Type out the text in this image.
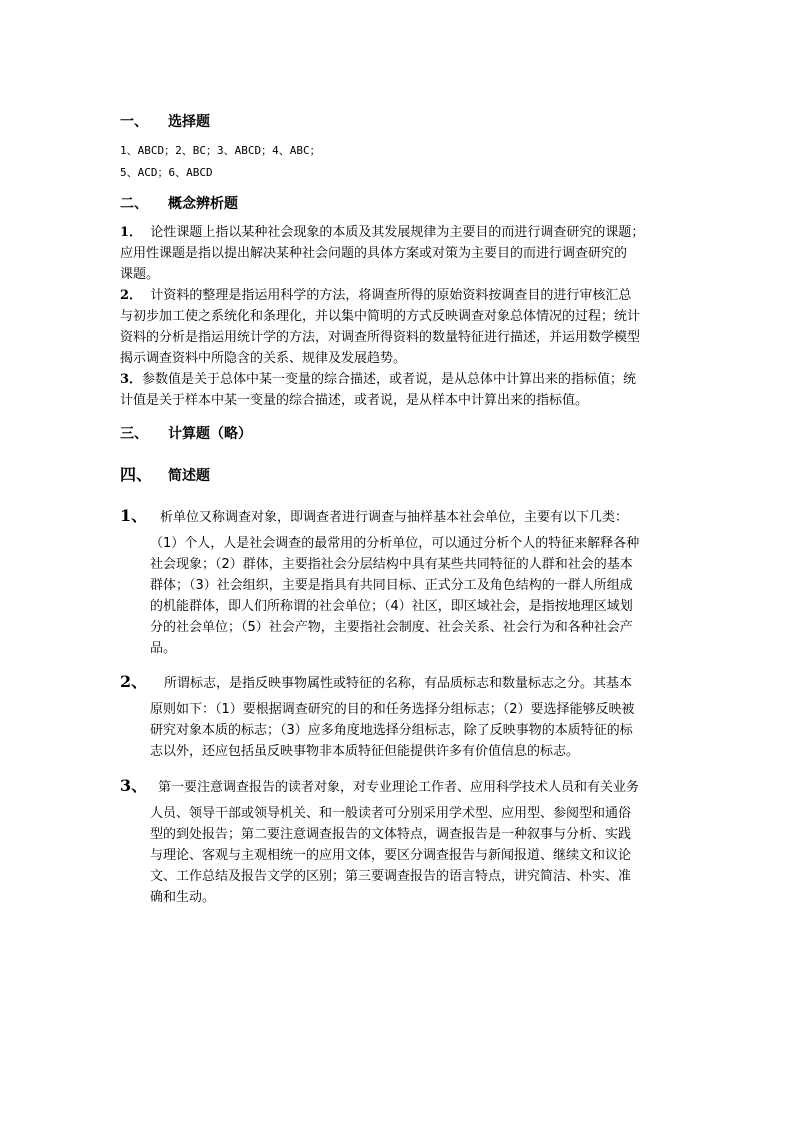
一、 选择题
1、ABCD；2、BC；3、ABCD；4、ABC；
5、ACD；6、ABCD
二、 概念辨析题
1． 论性课题上指以某种社会现象的本质及其发展规律为主要目的而进行调查研究的课题；
应用性课题是指以提出解决某种社会问题的具体方案或对策为主要目的而进行调查研究的
课题。
2． 计资料的整理是指运用科学的方法，将调查所得的原始资料按调查目的进行审核汇总
与初步加工使之系统化和条理化，并以集中简明的方式反映调查对象总体情况的过程；统计
资料的分析是指运用统计学的方法，对调查所得资料的数量特征进行描述，并运用数学模型
揭示调查资料中所隐含的关系、规律及发展趋势。
3．参数值是关于总体中某一变量的综合描述，或者说，是从总体中计算出来的指标值；统
计值是关于样本中某一变量的综合描述，或者说，是从样本中计算出来的指标值。
三、 计算题（略）
四、 简述题
1、 析单位又称调查对象，即调查者进行调查与抽样基本社会单位，主要有以下几类：
（1）个人，人是社会调查的最常用的分析单位，可以通过分析个人的特征来解释各种
社会现象；（2）群体，主要指社会分层结构中具有某些共同特征的人群和社会的基本
群体；（3）社会组织，主要是指具有共同目标、正式分工及角色结构的一群人所组成
的机能群体，即人们所称谓的社会单位；（4）社区，即区域社会，是指按地理区域划
分的社会单位；（5）社会产物，主要指社会制度、社会关系、社会行为和各种社会产
品。
2、 所谓标志，是指反映事物属性或特征的名称，有品质标志和数量标志之分。其基本
原则如下：（1）要根据调查研究的目的和任务选择分组标志；（2）要选择能够反映被
研究对象本质的标志；（3）应多角度地选择分组标志，除了反映事物的本质特征的标
志以外，还应包括虽反映事物非本质特征但能提供许多有价值信息的标志。
3、 第一要注意调查报告的读者对象，对专业理论工作者、应用科学技术人员和有关业务
人员、领导干部或领导机关、和一般读者可分别采用学术型、应用型、参阅型和通俗
型的到处报告；第二要注意调查报告的文体特点，调查报告是一种叙事与分析、实践
与理论、客观与主观相统一的应用文体，要区分调查报告与新闻报道、继续文和议论
文、工作总结及报告文学的区别；第三要调查报告的语言特点，讲究简洁、朴实、准
确和生动。
